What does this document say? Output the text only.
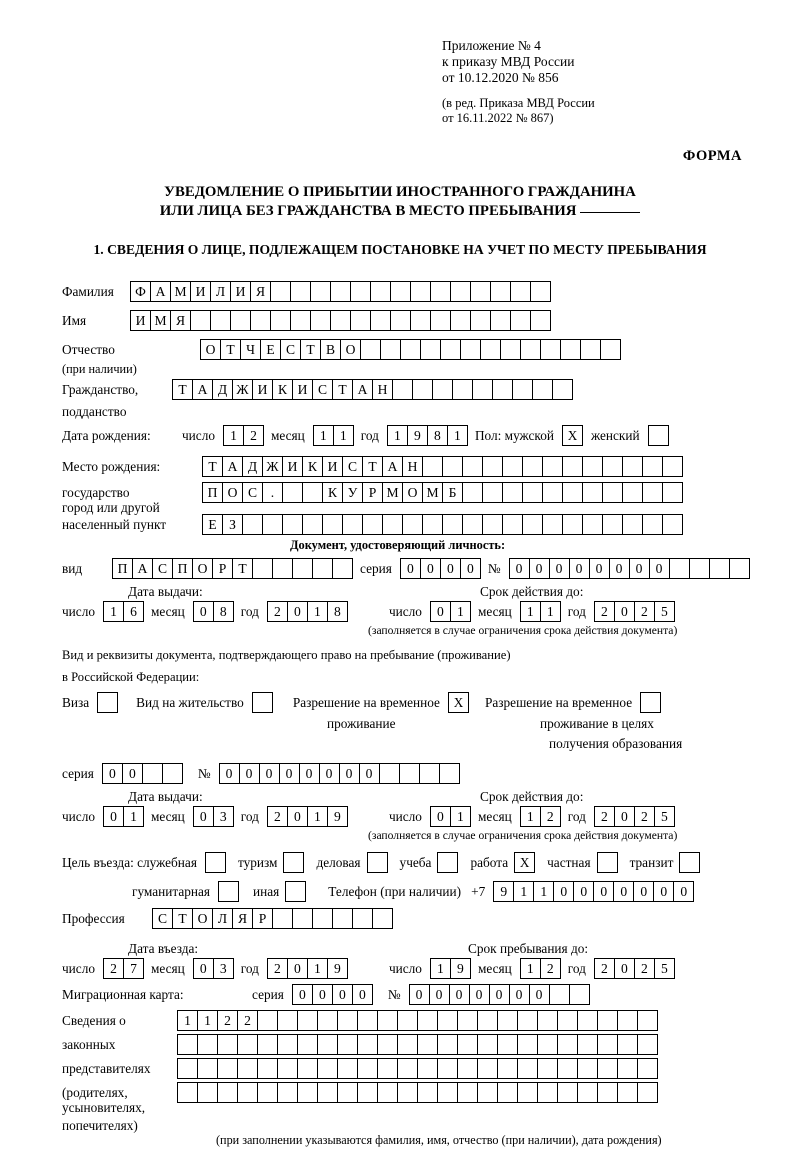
Приложение № 4
к приказу МВД России
от 10.12.2020 № 856
(в ред. Приказа МВД России
от 16.11.2022 № 867)
ФОРМА
УВЕДОМЛЕНИЕ О ПРИБЫТИИ ИНОСТРАННОГО ГРАЖДАНИНА
ИЛИ ЛИЦА БЕЗ ГРАЖДАНСТВА В МЕСТО ПРЕБЫВАНИЯ
1. СВЕДЕНИЯ О ЛИЦЕ, ПОДЛЕЖАЩЕМ ПОСТАНОВКЕ НА УЧЕТ ПО МЕСТУ ПРЕБЫВАНИЯ
Фамилия	Ф А М И Л И Я
Имя	И М Я
Отчество	О Т Ч Е С Т В О
(при наличии)
Гражданство,	Т А Д Ж И К И С Т А Н
подданство
Дата рождения:	число	1 2	месяц	1 1	год	1 9 8 1	Пол: мужской	X	женский
Место рождения:	Т А Д Ж И К И С Т А Н
государство	П О С	.	К У Р М О М Б
город или другой
населенный пункт	Е З
Документ, удостоверяющий личность:
вид	П А С П О Р Т	серия	0 0 0 0	№	0 0 0 0 0 0 0 0
Дата выдачи:	Срок действия до:
число	1 6	месяц	0 8	год	2 0 1 8	число	0 1	месяц	1 1	год	2 0 2 5
(заполняется в случае ограничения срока действия документа)
Вид и реквизиты документа, подтверждающего право на пребывание (проживание)
в Российской Федерации:
Виза	Вид на жительство	Разрешение на временное	X	Разрешение на временное
проживание	проживание в целях
получения образования
серия	0 0	№	0 0 0 0 0 0 0 0
Дата выдачи:	Срок действия до:
число	0 1	месяц	0 3	год	2 0 1 9	число	0 1	месяц	1 2	год	2 0 2 5
(заполняется в случае ограничения срока действия документа)
Цель въезда: служебная	туризм	деловая	учеба	работа X	частная	транзит
гуманитарная	иная	Телефон (при наличии) +7	9 1 1 0 0 0 0 0 0 0
Профессия	С Т О Л Я Р
Дата въезда:	Срок пребывания до:
число	2 7	месяц	0 3	год	2 0 1 9	число	1 9	месяц	1 2	год	2 0 2 5
Миграционная карта:	серия	0 0 0 0	№	0 0 0 0 0 0 0
Сведения о	1 1 2 2
законных
представителях
(родителях,
усыновителях,
попечителях)
(при заполнении указываются фамилия, имя, отчество (при наличии), дата рождения)
